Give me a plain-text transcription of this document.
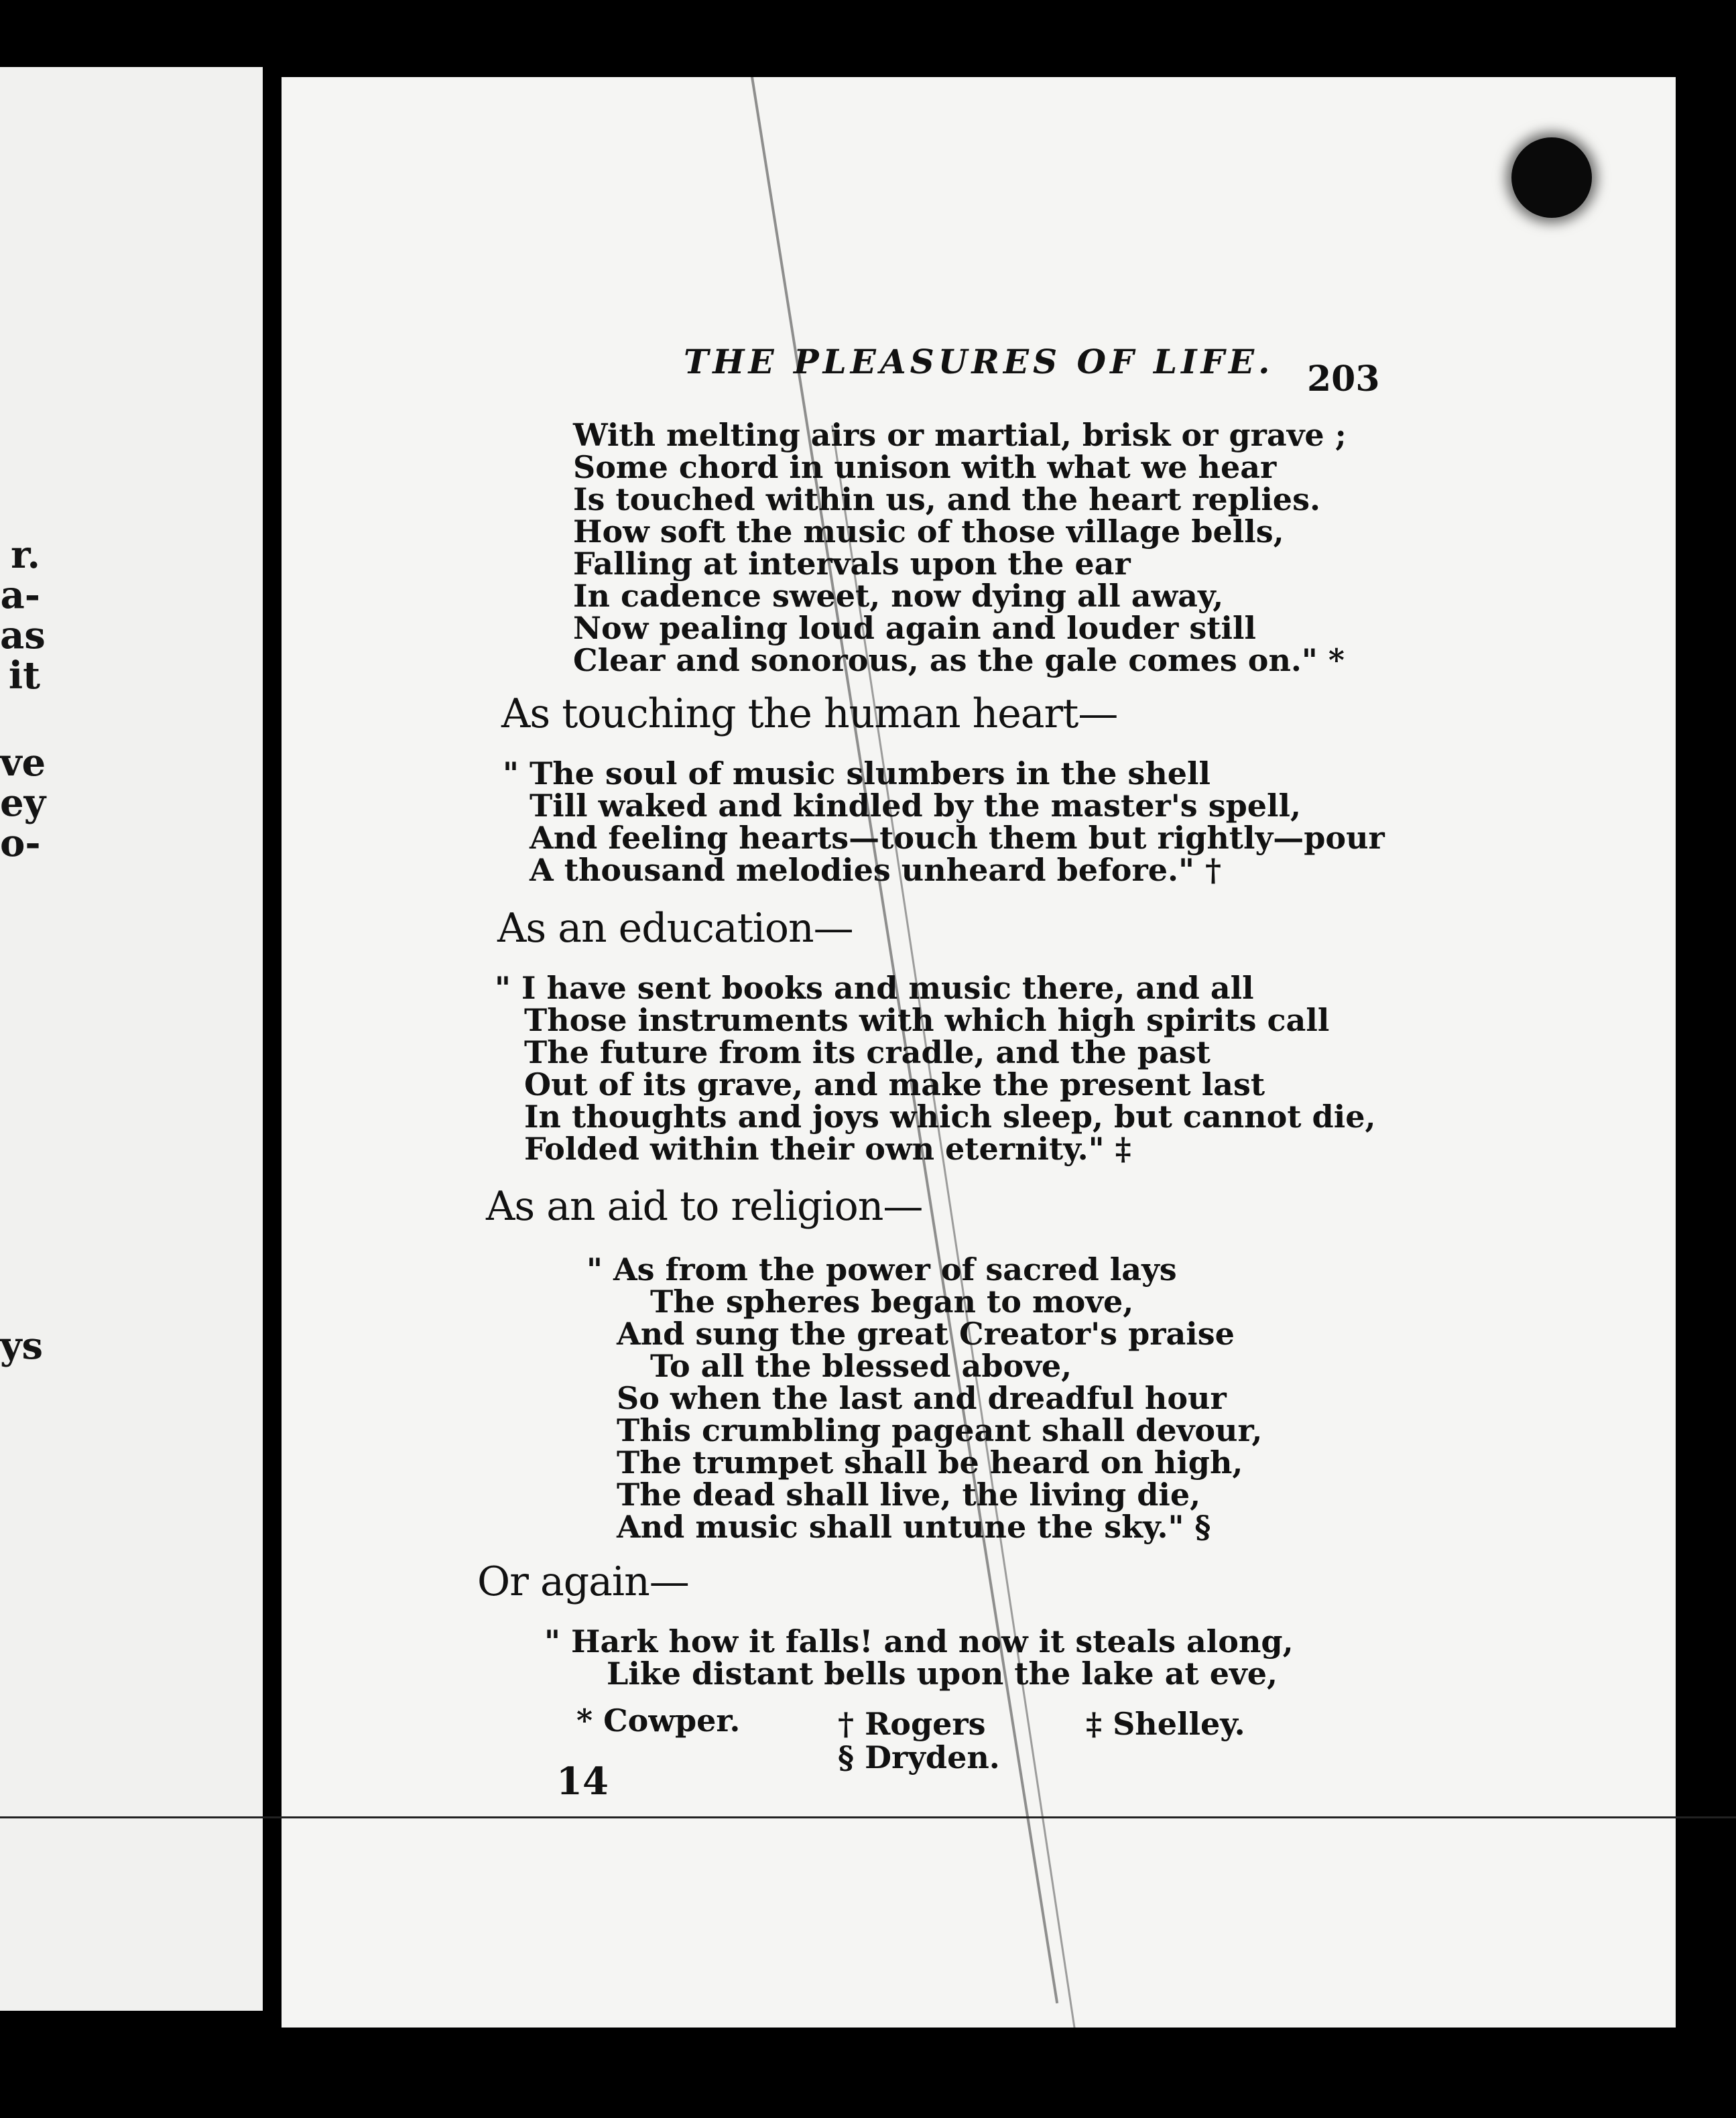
r.
a-
as
it
ve
ey
o-
ys
THE PLEASURES OF LIFE. 203
With melting airs or martial, brisk or grave ;
Some chord in unison with what we hear
Is touched within us, and the heart replies.
How soft the music of those village bells,
Falling at intervals upon the ear
In cadence sweet, now dying all away,
Now pealing loud again and louder still
Clear and sonorous, as the gale comes on." *
As touching the human heart—
" The soul of music slumbers in the shell
Till waked and kindled by the master's spell,
And feeling hearts—touch them but rightly—pour
A thousand melodies unheard before." †
As an education—
" I have sent books and music there, and all
Those instruments with which high spirits call
The future from its cradle, and the past
Out of its grave, and make the present last
In thoughts and joys which sleep, but cannot die,
Folded within their own eternity." ‡
As an aid to religion—
" As from the power of sacred lays
The spheres began to move,
And sung the great Creator's praise
To all the blessed above,
So when the last and dreadful hour
This crumbling pageant shall devour,
The trumpet shall be heard on high,
The dead shall live, the living die,
And music shall untune the sky." §
Or again—
" Hark how it falls! and now it steals along,
Like distant bells upon the lake at eve,
* Cowper.	† Rogers
§ Dryden.
‡ Shelley.
14
